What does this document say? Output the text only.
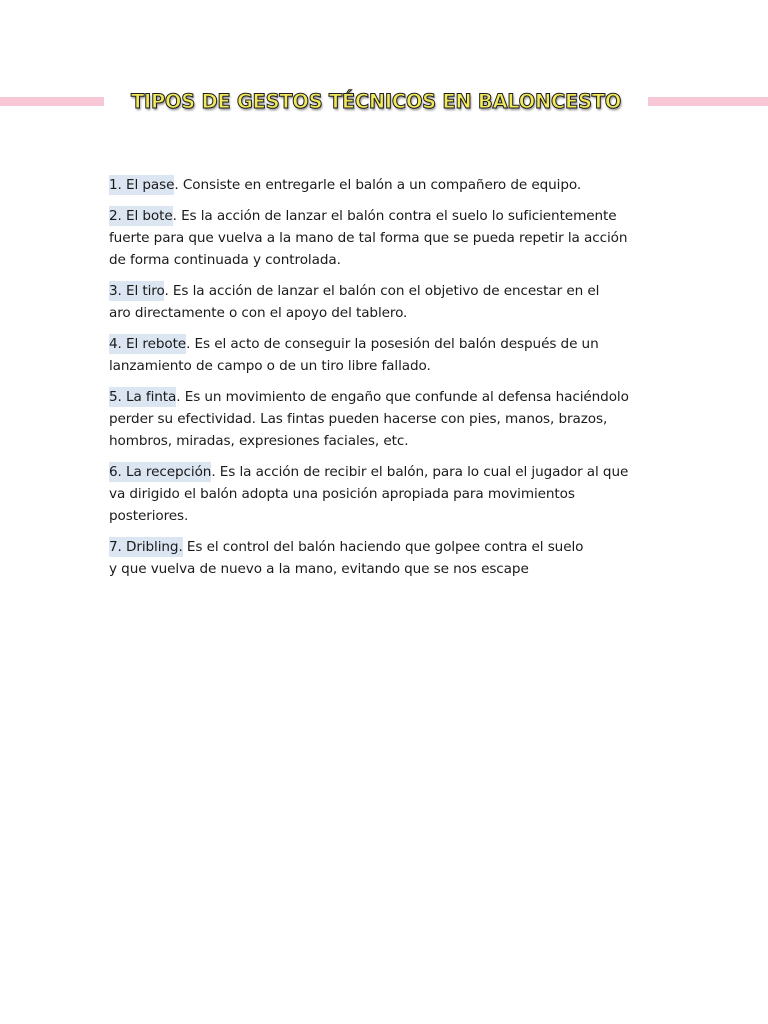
TIPOS DE GESTOS TÉCNICOS EN BALONCESTO

1. El pase. Consiste en entregarle el balón a un compañero de equipo.

2. El bote. Es la acción de lanzar el balón contra el suelo lo suficientemente
fuerte para que vuelva a la mano de tal forma que se pueda repetir la acción
de forma continuada y controlada.

3. El tiro. Es la acción de lanzar el balón con el objetivo de encestar en el
aro directamente o con el apoyo del tablero.

4. El rebote. Es el acto de conseguir la posesión del balón después de un
lanzamiento de campo o de un tiro libre fallado.

5. La finta. Es un movimiento de engaño que confunde al defensa haciéndolo
perder su efectividad. Las fintas pueden hacerse con pies, manos, brazos,
hombros, miradas, expresiones faciales, etc.

6. La recepción. Es la acción de recibir el balón, para lo cual el jugador al que
va dirigido el balón adopta una posición apropiada para movimientos
posteriores.

7. Dribling. Es el control del balón haciendo que golpee contra el suelo
y que vuelva de nuevo a la mano, evitando que se nos escape
